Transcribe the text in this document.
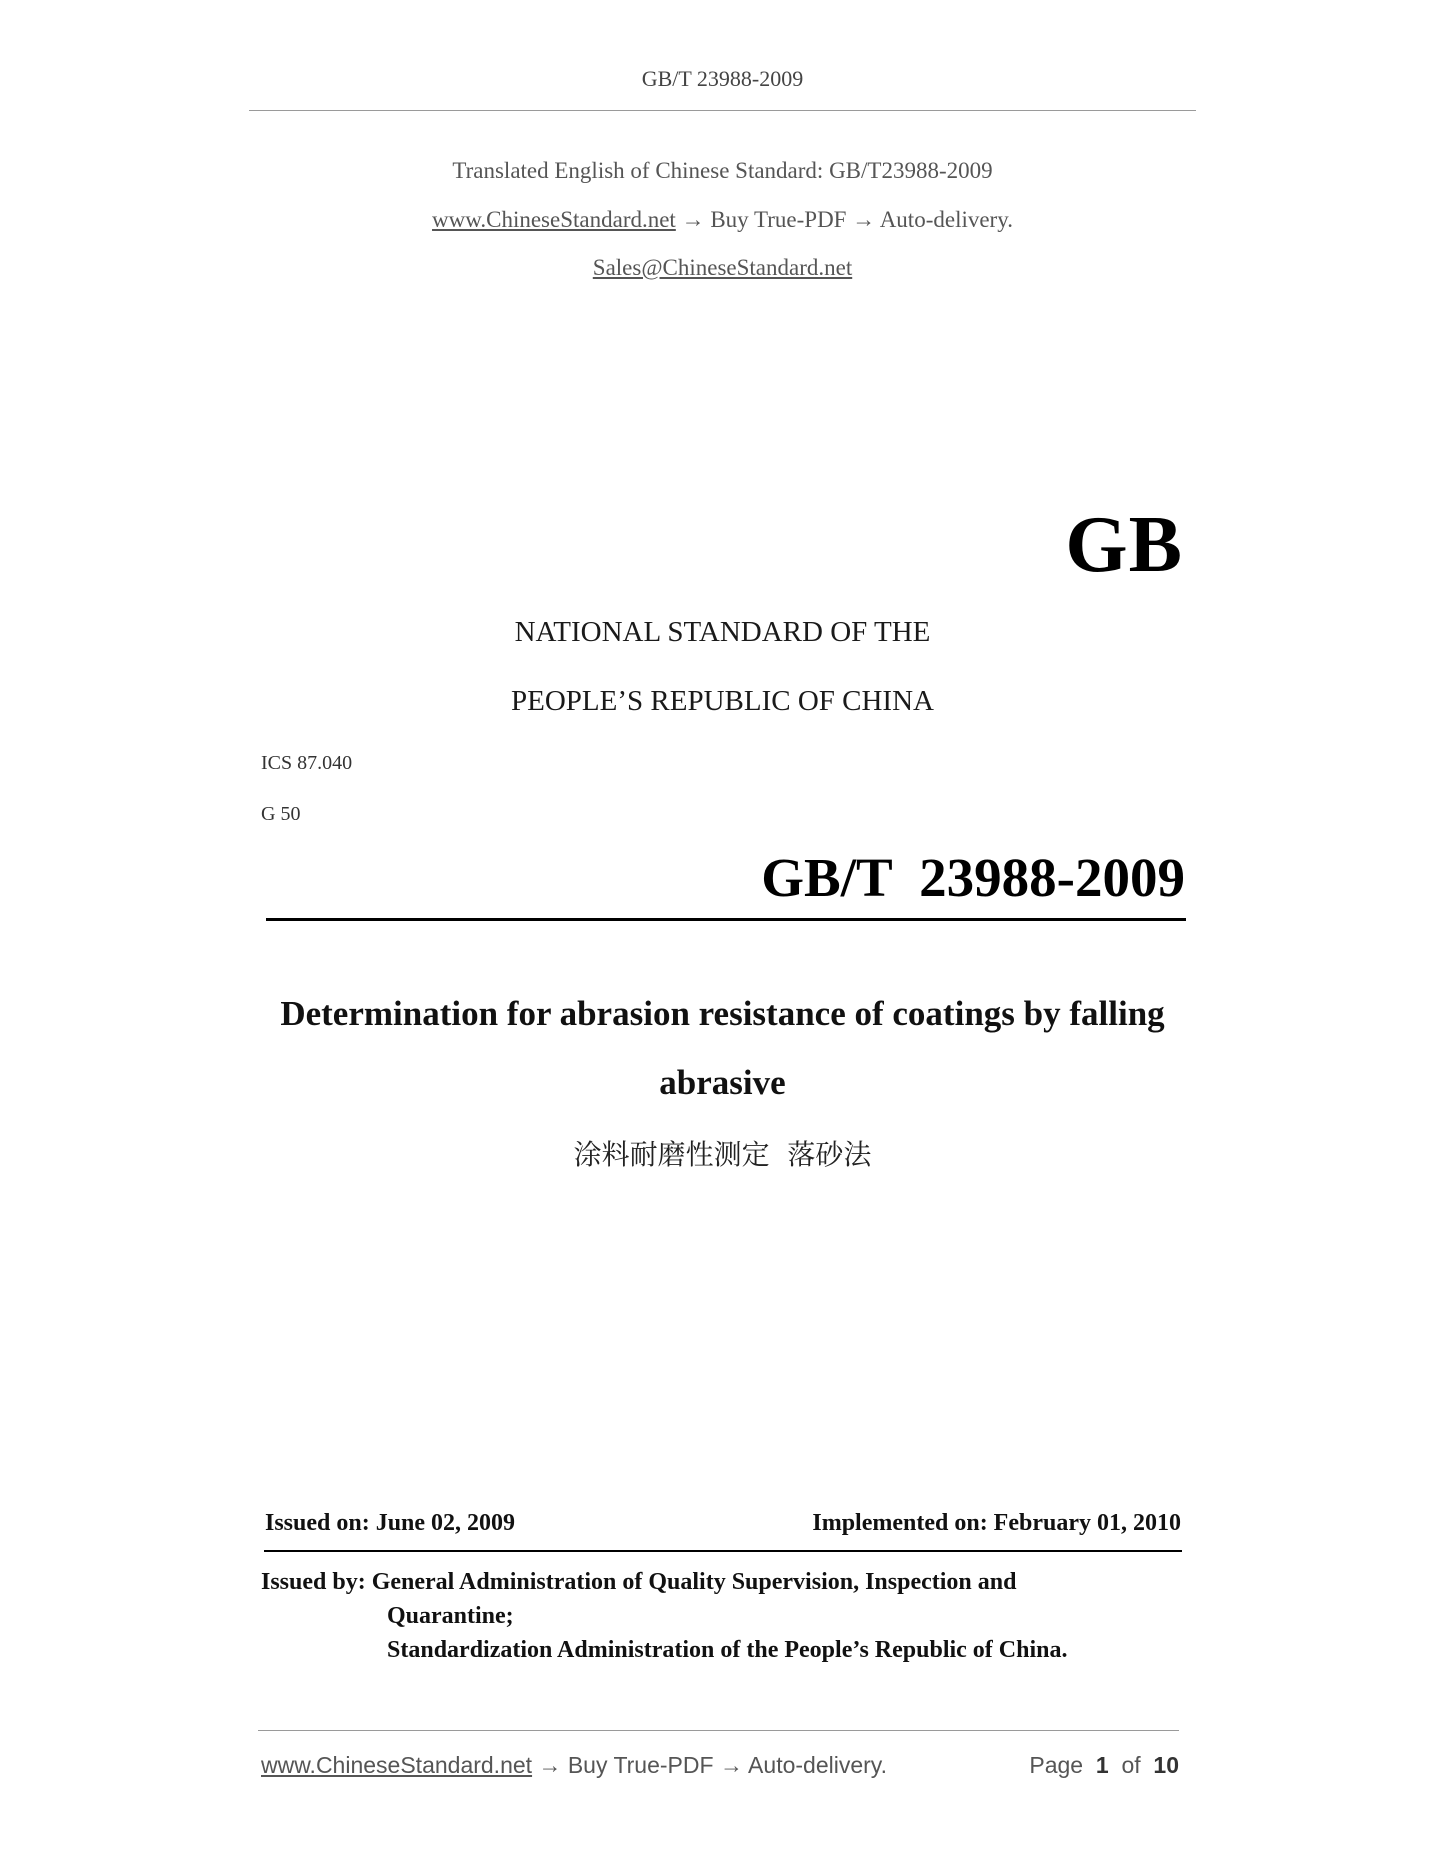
GB/T 23988-2009
Translated English of Chinese Standard: GB/T23988-2009
www.ChineseStandard.net → Buy True-PDF → Auto-delivery.
Sales@ChineseStandard.net
GB
NATIONAL STANDARD OF THE
PEOPLE’S REPUBLIC OF CHINA
ICS 87.040
G 50
GB/T  23988-2009
Determination for abrasion resistance of coatings by falling
abrasive
涂料耐磨性测定  落砂法
Issued on: June 02, 2009	Implemented on: February 01, 2010
Issued by: General Administration of Quality Supervision, Inspection and
Quarantine;
Standardization Administration of the People’s Republic of China.
www.ChineseStandard.net → Buy True-PDF → Auto-delivery.	Page 1 of 10
